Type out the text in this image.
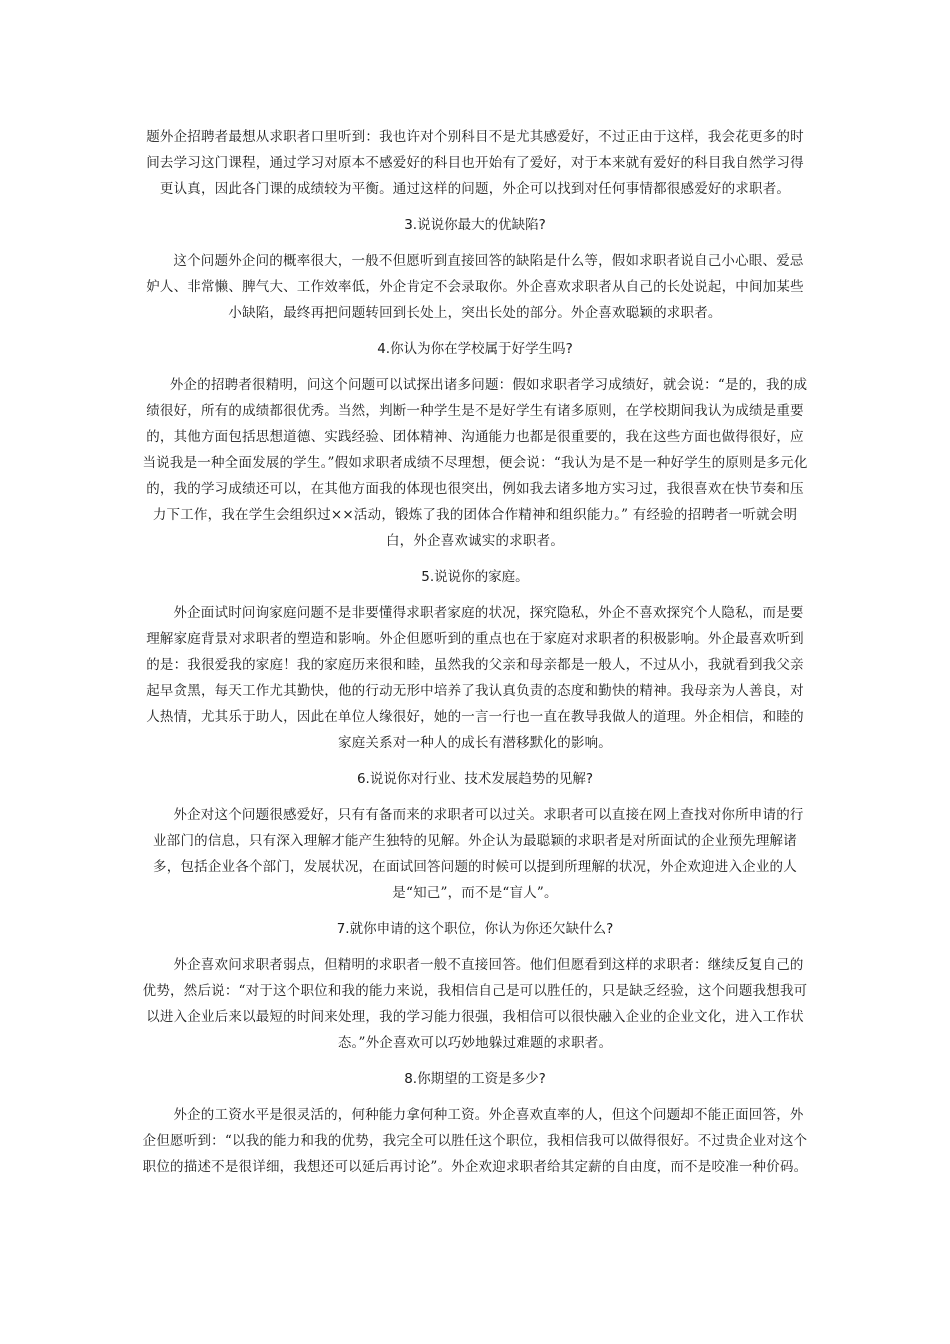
题外企招聘者最想从求职者口里听到：我也许对个别科目不是尤其感爱好，不过正由于这样，我会花更多的时间去学习这门课程，通过学习对原本不感爱好的科目也开始有了爱好，对于本来就有爱好的科目我自然学习得更认真，因此各门课的成绩较为平衡。通过这样的问题，外企可以找到对任何事情都很感爱好的求职者。

3.说说你最大的优缺陷?

这个问题外企问的概率很大，一般不但愿听到直接回答的缺陷是什么等，假如求职者说自己小心眼、爱忌妒人、非常懒、脾气大、工作效率低，外企肯定不会录取你。外企喜欢求职者从自己的长处说起，中间加某些小缺陷，最终再把问题转回到长处上，突出长处的部分。外企喜欢聪颖的求职者。

4.你认为你在学校属于好学生吗?

外企的招聘者很精明，问这个问题可以试探出诸多问题：假如求职者学习成绩好，就会说：“是的，我的成绩很好，所有的成绩都很优秀。当然，判断一种学生是不是好学生有诸多原则，在学校期间我认为成绩是重要的，其他方面包括思想道德、实践经验、团体精神、沟通能力也都是很重要的，我在这些方面也做得很好，应当说我是一种全面发展的学生。”假如求职者成绩不尽理想，便会说：“我认为是不是一种好学生的原则是多元化的，我的学习成绩还可以，在其他方面我的体现也很突出，例如我去诸多地方实习过，我很喜欢在快节奏和压力下工作，我在学生会组织过××活动，锻炼了我的团体合作精神和组织能力。” 有经验的招聘者一听就会明白，外企喜欢诚实的求职者。

5.说说你的家庭。

外企面试时问询家庭问题不是非要懂得求职者家庭的状况，探究隐私，外企不喜欢探究个人隐私，而是要理解家庭背景对求职者的塑造和影响。外企但愿听到的重点也在于家庭对求职者的积极影响。外企最喜欢听到的是：我很爱我的家庭！我的家庭历来很和睦，虽然我的父亲和母亲都是一般人，不过从小，我就看到我父亲起早贪黑，每天工作尤其勤快，他的行动无形中培养了我认真负责的态度和勤快的精神。我母亲为人善良，对人热情，尤其乐于助人，因此在单位人缘很好，她的一言一行也一直在教导我做人的道理。外企相信，和睦的家庭关系对一种人的成长有潜移默化的影响。

6.说说你对行业、技术发展趋势的见解?

外企对这个问题很感爱好，只有有备而来的求职者可以过关。求职者可以直接在网上查找对你所申请的行业部门的信息，只有深入理解才能产生独特的见解。外企认为最聪颖的求职者是对所面试的企业预先理解诸多，包括企业各个部门，发展状况，在面试回答问题的时候可以提到所理解的状况，外企欢迎进入企业的人是“知己”，而不是“盲人”。

7.就你申请的这个职位，你认为你还欠缺什么?

外企喜欢问求职者弱点，但精明的求职者一般不直接回答。他们但愿看到这样的求职者：继续反复自己的优势，然后说：“对于这个职位和我的能力来说，我相信自己是可以胜任的，只是缺乏经验，这个问题我想我可以进入企业后来以最短的时间来处理，我的学习能力很强，我相信可以很快融入企业的企业文化，进入工作状态。”外企喜欢可以巧妙地躲过难题的求职者。

8.你期望的工资是多少?

外企的工资水平是很灵活的，何种能力拿何种工资。外企喜欢直率的人，但这个问题却不能正面回答，外企但愿听到：“以我的能力和我的优势，我完全可以胜任这个职位，我相信我可以做得很好。不过贵企业对这个职位的描述不是很详细，我想还可以延后再讨论”。外企欢迎求职者给其定薪的自由度，而不是咬准一种价码。
